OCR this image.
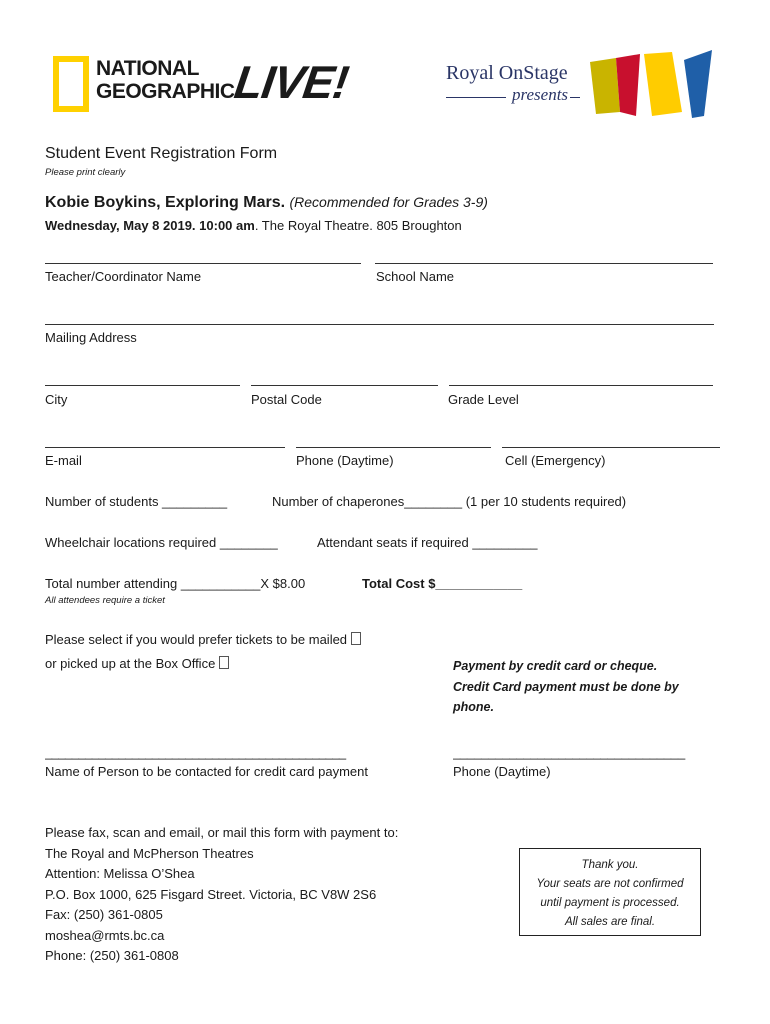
NATIONAL
GEOGRAPHIC
LIVE!	Royal OnStage
presents
Student Event Registration Form
Please print clearly
Kobie Boykins, Exploring Mars. (Recommended for Grades 3-9)
Wednesday, May 8 2019. 10:00 am. The Royal Theatre. 805 Broughton
Teacher/Coordinator Name	School Name
Mailing Address
City	Postal Code	Grade Level
E-mail	Phone (Daytime)	Cell (Emergency)
Number of students _________	Number of chaperones________ (1 per 10 students required)
Wheelchair locations required ________	Attendant seats if required _________
Total number attending ___________X $8.00	Total Cost $____________
All attendees require a ticket
Please select if you would prefer tickets to be mailed
or picked up at the Box Office	Payment by credit card or cheque.
Credit Card payment must be done by
phone.
_____________________________________________	_________________________________
Name of Person to be contacted for credit card payment	Phone (Daytime)
Please fax, scan and email, or mail this form with payment to:
The Royal and McPherson Theatres
Attention: Melissa O’Shea
P.O. Box 1000, 625 Fisgard Street. Victoria, BC V8W 2S6
Fax: (250) 361-0805
moshea@rmts.bc.ca
Phone: (250) 361-0808
Thank you.
Your seats are not confirmed
until payment is processed.
All sales are final.
